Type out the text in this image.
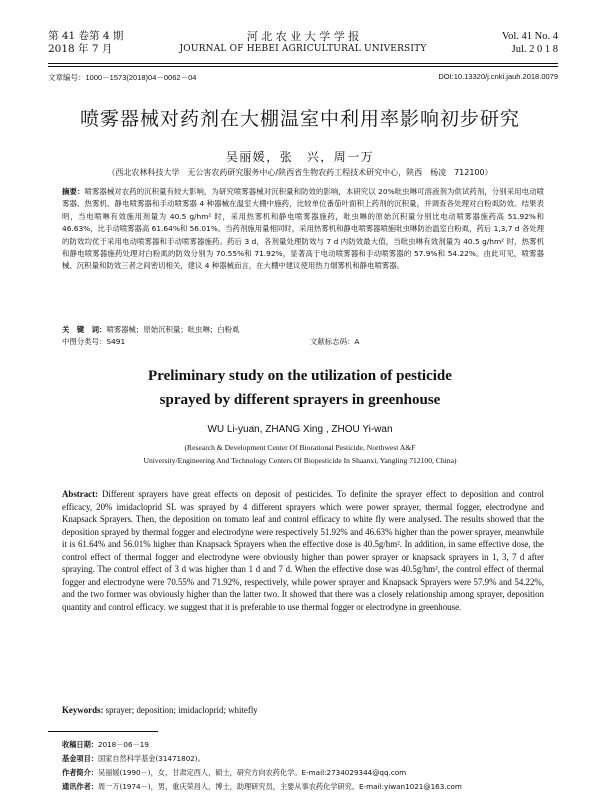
第 41 卷第 4 期
2018 年 7 月
河 北 农 业 大 学 学 报
JOURNAL OF HEBEI AGRICULTURAL UNIVERSITY
Vol. 41 No. 4
Jul. 2 0 1 8
文章编号：1000－1573(2018)04－0062－04	DOI:10.13320/j.cnki.jauh.2018.0079
喷雾器械对药剂在大棚温室中利用率影响初步研究
吴丽媛，张　兴，周一万
（西北农林科技大学　无公害农药研究服务中心/陕西省生物农药工程技术研究中心，陕西　杨凌　712100）
摘要：喷雾器械对农药的沉积量有较大影响，为研究喷雾器械对沉积量和防效的影响，本研究以 20%吡虫啉可溶液剂为供试药剂，分别采用电动喷雾器、热雾机、静电喷雾器和手动喷雾器 4 种器械在温室大棚中施药，比较单位番茄叶面积上药剂的沉积量，并调查各处理对白粉虱防效。结果表明，当电喷啉有效施用剂量为 40.5 g/hm² 时，采用热雾机和静电喷雾器施药，吡虫啉的原始沉积量分别比电动喷雾器施药高 51.92%和 46.63%，比手动喷雾器高 61.64%和 56.01%。当药剂施用量相同时，采用热雾机和静电喷雾器喷施吡虫啉防治温室白粉虱，药后 1,3,7 d 各处理的防效均优于采用电动喷雾器和手动喷雾器施药。药后 3 d，各剂量处理防效与 7 d 内防效最大值，当吡虫啉有效剂量为 40.5 g/hm² 时，热雾机和静电喷雾器施药处理对白粉虱的防效分别为 70.55%和 71.92%，显著高于电动喷雾器和手动喷雾器的 57.9%和 54.22%。由此可见，喷雾器械、沉积量和防效三者之间密切相关，建议 4 种器械而言，在大棚中建议使用热力烟雾机和静电喷雾器。
关　键　词：喷雾器械；原始沉积量；吡虫啉；白粉虱
中图分类号：S491	文献标志码：A
Preliminary study on the utilization of pesticide
sprayed by different sprayers in greenhouse
WU Li-yuan, ZHANG Xing , ZHOU Yi-wan
(Research & Development Center Of Biorational Pesticide, Northwest A&F
University/Engineering And Technology Centers Of Biopesticide In Shaanxi, Yangling 712100, China)
Abstract: Different sprayers have great effects on deposit of pesticides. To definite the sprayer effect to deposition and control efficacy, 20% imidacloprid SL was sprayed by 4 different sprayers which were power sprayer, thermal fogger, electrodyne and Knapsack Sprayers. Then, the deposition on tomato leaf and control efficacy to white fly were analysed. The results showed that the deposition sprayed by thermal fogger and electrodyne were respectively 51.92% and 46.63% higher than the power sprayer, meanwhile it is 61.64% and 56.01% higher than Knapsack Sprayers when the effective dose is 40.5g/hm². In addition, in same effective dose, the control effect of thermal fogger and electrodyne were obviously higher than power sprayer or knapsack sprayers in 1, 3, 7 d after spraying. The control effect of 3 d was higher than 1 d and 7 d. When the effective dose was 40.5g/hm², the control effect of thermal fogger and electrodyne were 70.55% and 71.92%, respectively, while power sprayer and Knapsack Sprayers were 57.9% and 54.22%, and the two former was obviously higher than the latter two. It showed that there was a closely relationship among sprayer, deposition quantity and control efficacy. we suggest that it is preferable to use thermal fogger or electrodyne in greenhouse.
Keywords: sprayer; deposition; imidacloprid; whitefly
收稿日期：2018－06－19
基金项目：国家自然科学基金(31471802)。
作者简介：吴丽媛(1990－)，女，甘肃定西人，硕士，研究方向农药化学。E-mail:2734029344@qq.com
通讯作者：周一万(1974－)，男，重庆荣昌人，博士，助理研究员，主要从事农药化学研究。E-mail:yiwan1021@163.com
